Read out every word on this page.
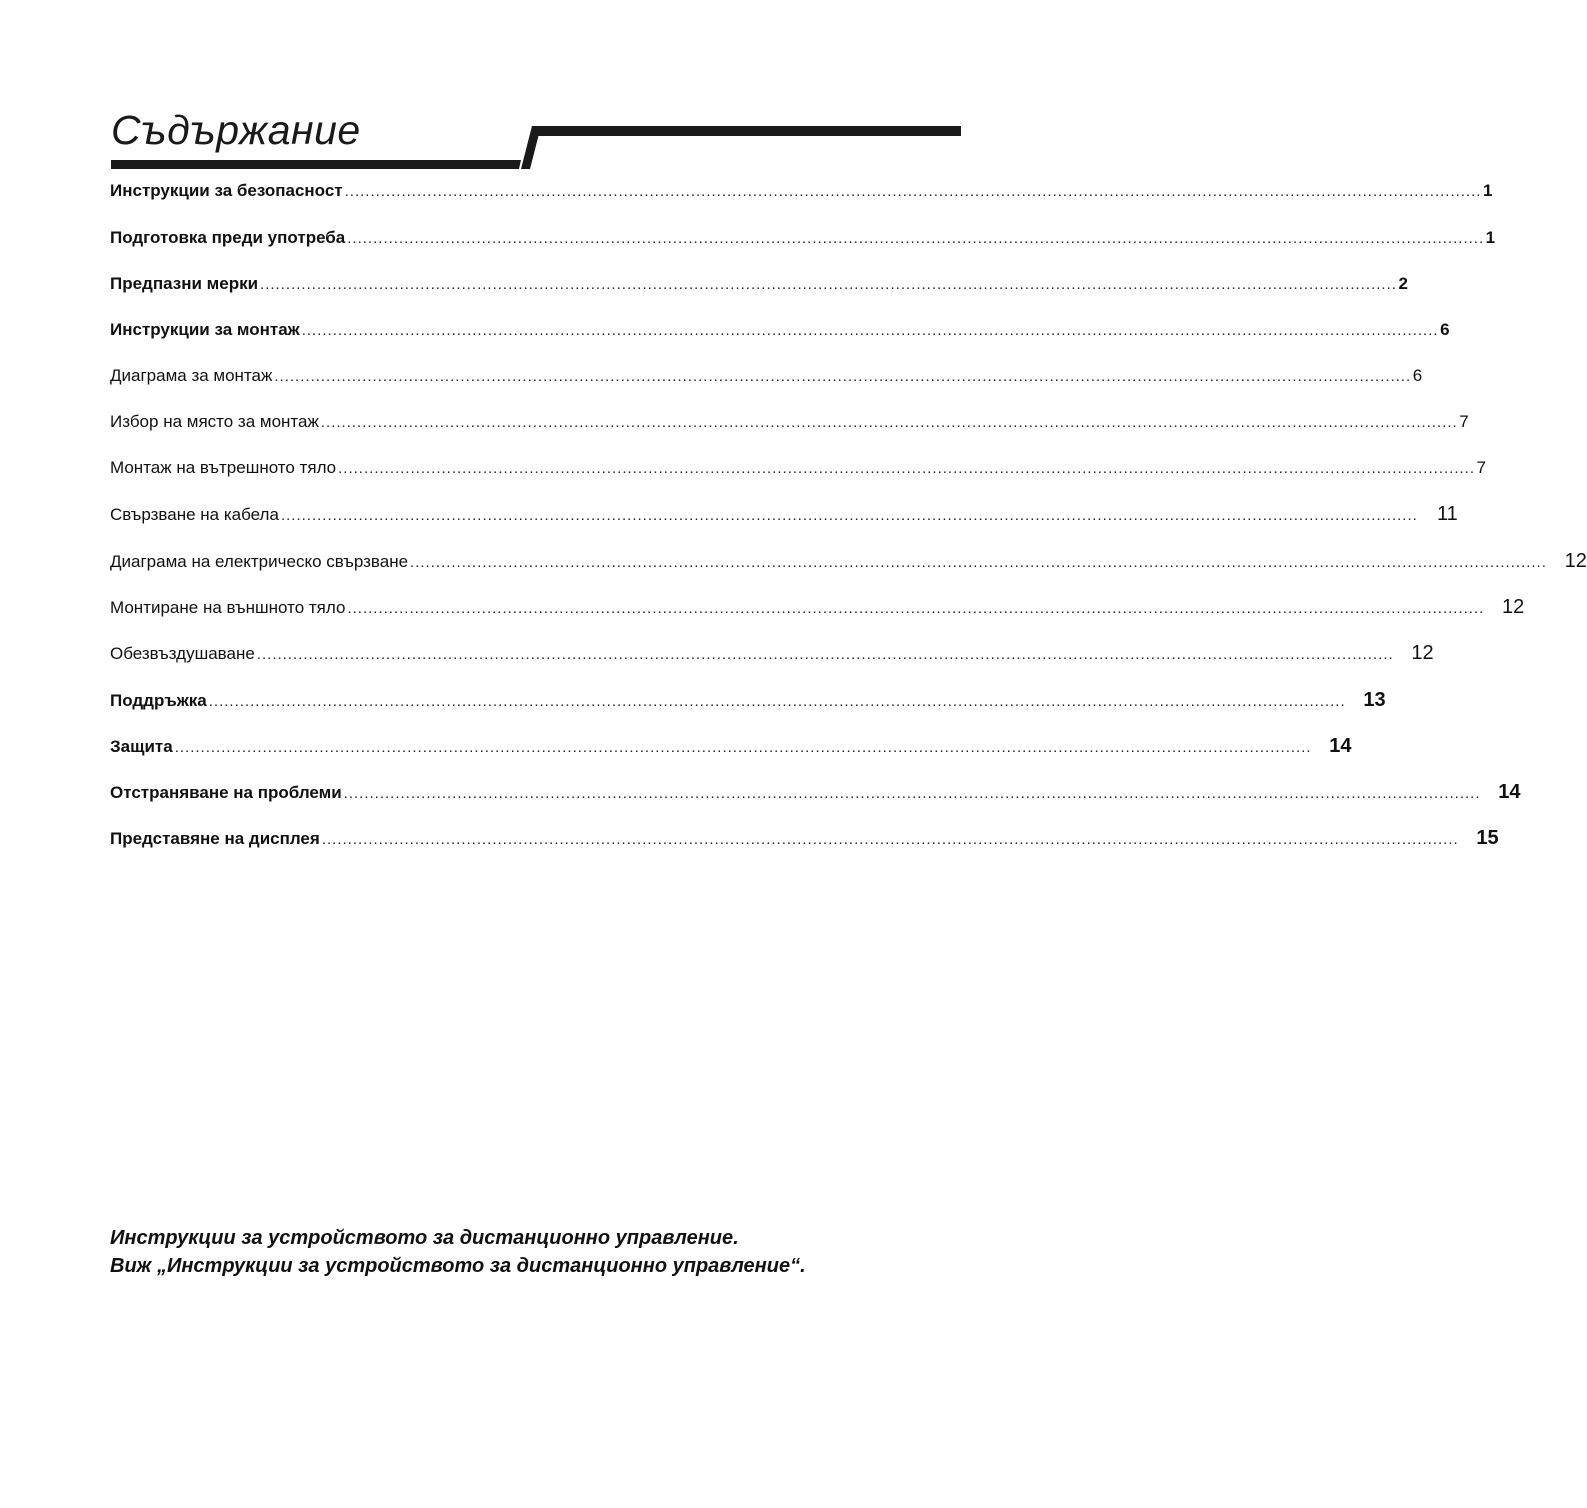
Съдържание
Инструкции за безопасност ............................................................................................................................................................................................................................ 1
Подготовка преди употреба ............................................................................................................................................................................................................................ 1
Предпазни мерки ............................................................................................................................................................................................................................ 2
Инструкции за монтаж ............................................................................................................................................................................................................................ 6
Диаграма за монтаж ............................................................................................................................................................................................................................ 6
Избор на място за монтаж ............................................................................................................................................................................................................................ 7
Монтаж на вътрешното тяло ............................................................................................................................................................................................................................ 7
Свързване на кабела ............................................................................................................................................................................................................................ 11
Диаграма на електрическо свързване ............................................................................................................................................................................................................................ 12
Монтиране на външното тяло ............................................................................................................................................................................................................................ 12
Обезвъздушаване ............................................................................................................................................................................................................................ 12
Поддръжка ............................................................................................................................................................................................................................ 13
Защита ............................................................................................................................................................................................................................ 14
Отстраняване на проблеми ............................................................................................................................................................................................................................ 14
Представяне на дисплея ............................................................................................................................................................................................................................ 15

Инструкции за устройството за дистанционно управление.

Виж „Инструкции за устройството за дистанционно управление“.
